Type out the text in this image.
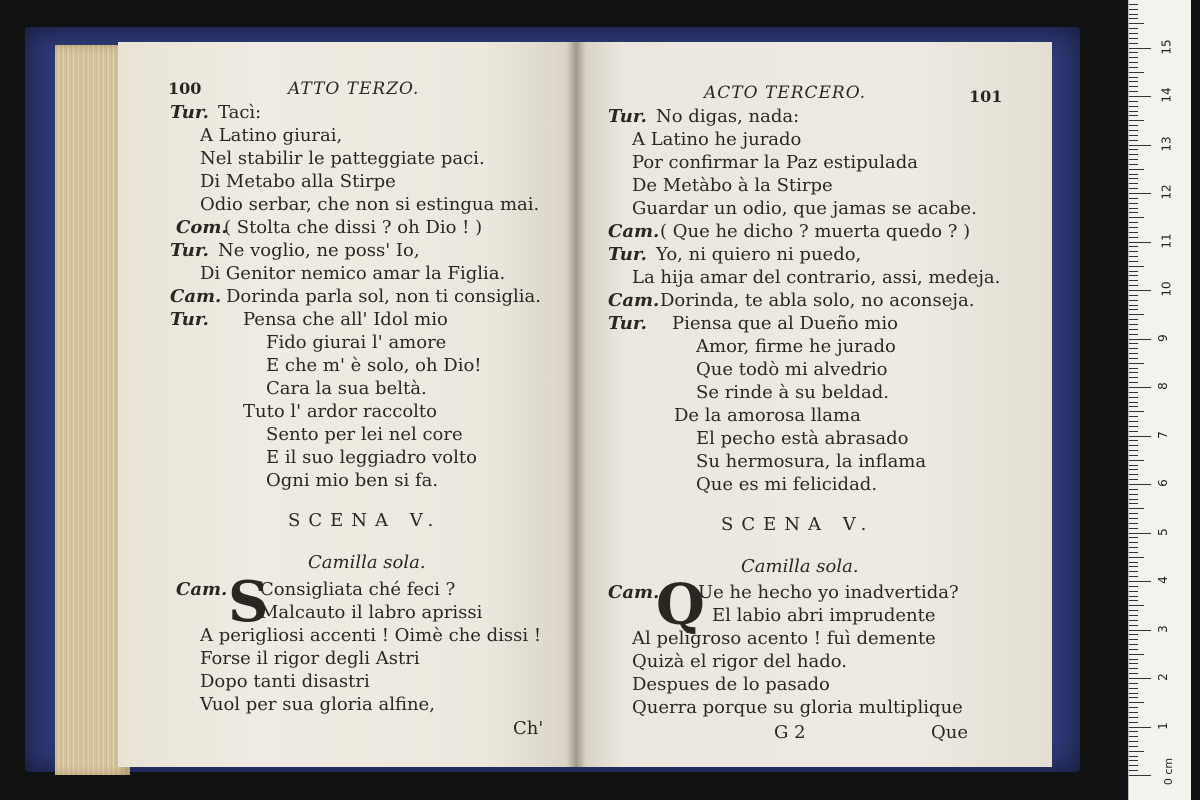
100	ATTO TERZO.
Tur. Tacì:
A Latino giurai,
Nel stabilir le patteggiate paci.
Di Metabo alla Stirpe
Odio serbar, che non si estingua mai.
Com.
( Stolta che dissi ? oh Dio ! )
Tur. Ne voglio, ne poss' Io,
Di Genitor nemico amar la Figlia.
Cam. Dorinda parla sol, non ti consiglia.
Tur. Pensa che all' Idol mio
Fido giurai l' amore
E che m' è solo, oh Dio!
Cara la sua beltà.
Tuto l' ardor raccolto
Sento per lei nel core
E il suo leggiadro volto
Ogni mio ben si fa.
SCENA V.
Camilla sola.
Cam. S
Consigliata ché feci ?
Malcauto il labro aprissi
A perigliosi accenti ! Oimè che dissi !
Forse il rigor degli Astri
Dopo tanti disastri
Vuol per sua gloria alfine,
Ch'
ACTO TERCERO.	101
Tur. No digas, nada:
A Latino he jurado
Por confirmar la Paz estipulada
De Metàbo à la Stirpe
Guardar un odio, que jamas se acabe.
Cam. ( Que he dicho ? muerta quedo ? )
Tur. Yo, ni quiero ni puedo,
La hija amar del contrario, assi, medeja.
Cam. Dorinda, te abla solo, no aconseja.
Tur. Piensa que al Dueño mio
Amor, firme he jurado
Que todò mi alvedrio
Se rinde à su beldad.
De la amorosa llama
El pecho està abrasado
Su hermosura, la inflama
Que es mi felicidad.
SCENA V.
Camilla sola.
Cam.
Q
Ue he hecho yo inadvertida?
El labio abri imprudente
Al peligroso acento ! fuì demente
Quizà el rigor del hado.
Despues de lo pasado
Querra porque su gloria multiplique
G 2	Que
0 cm
1
2
3
4
5
6
7
8
9
10
11
12
13
14
15
